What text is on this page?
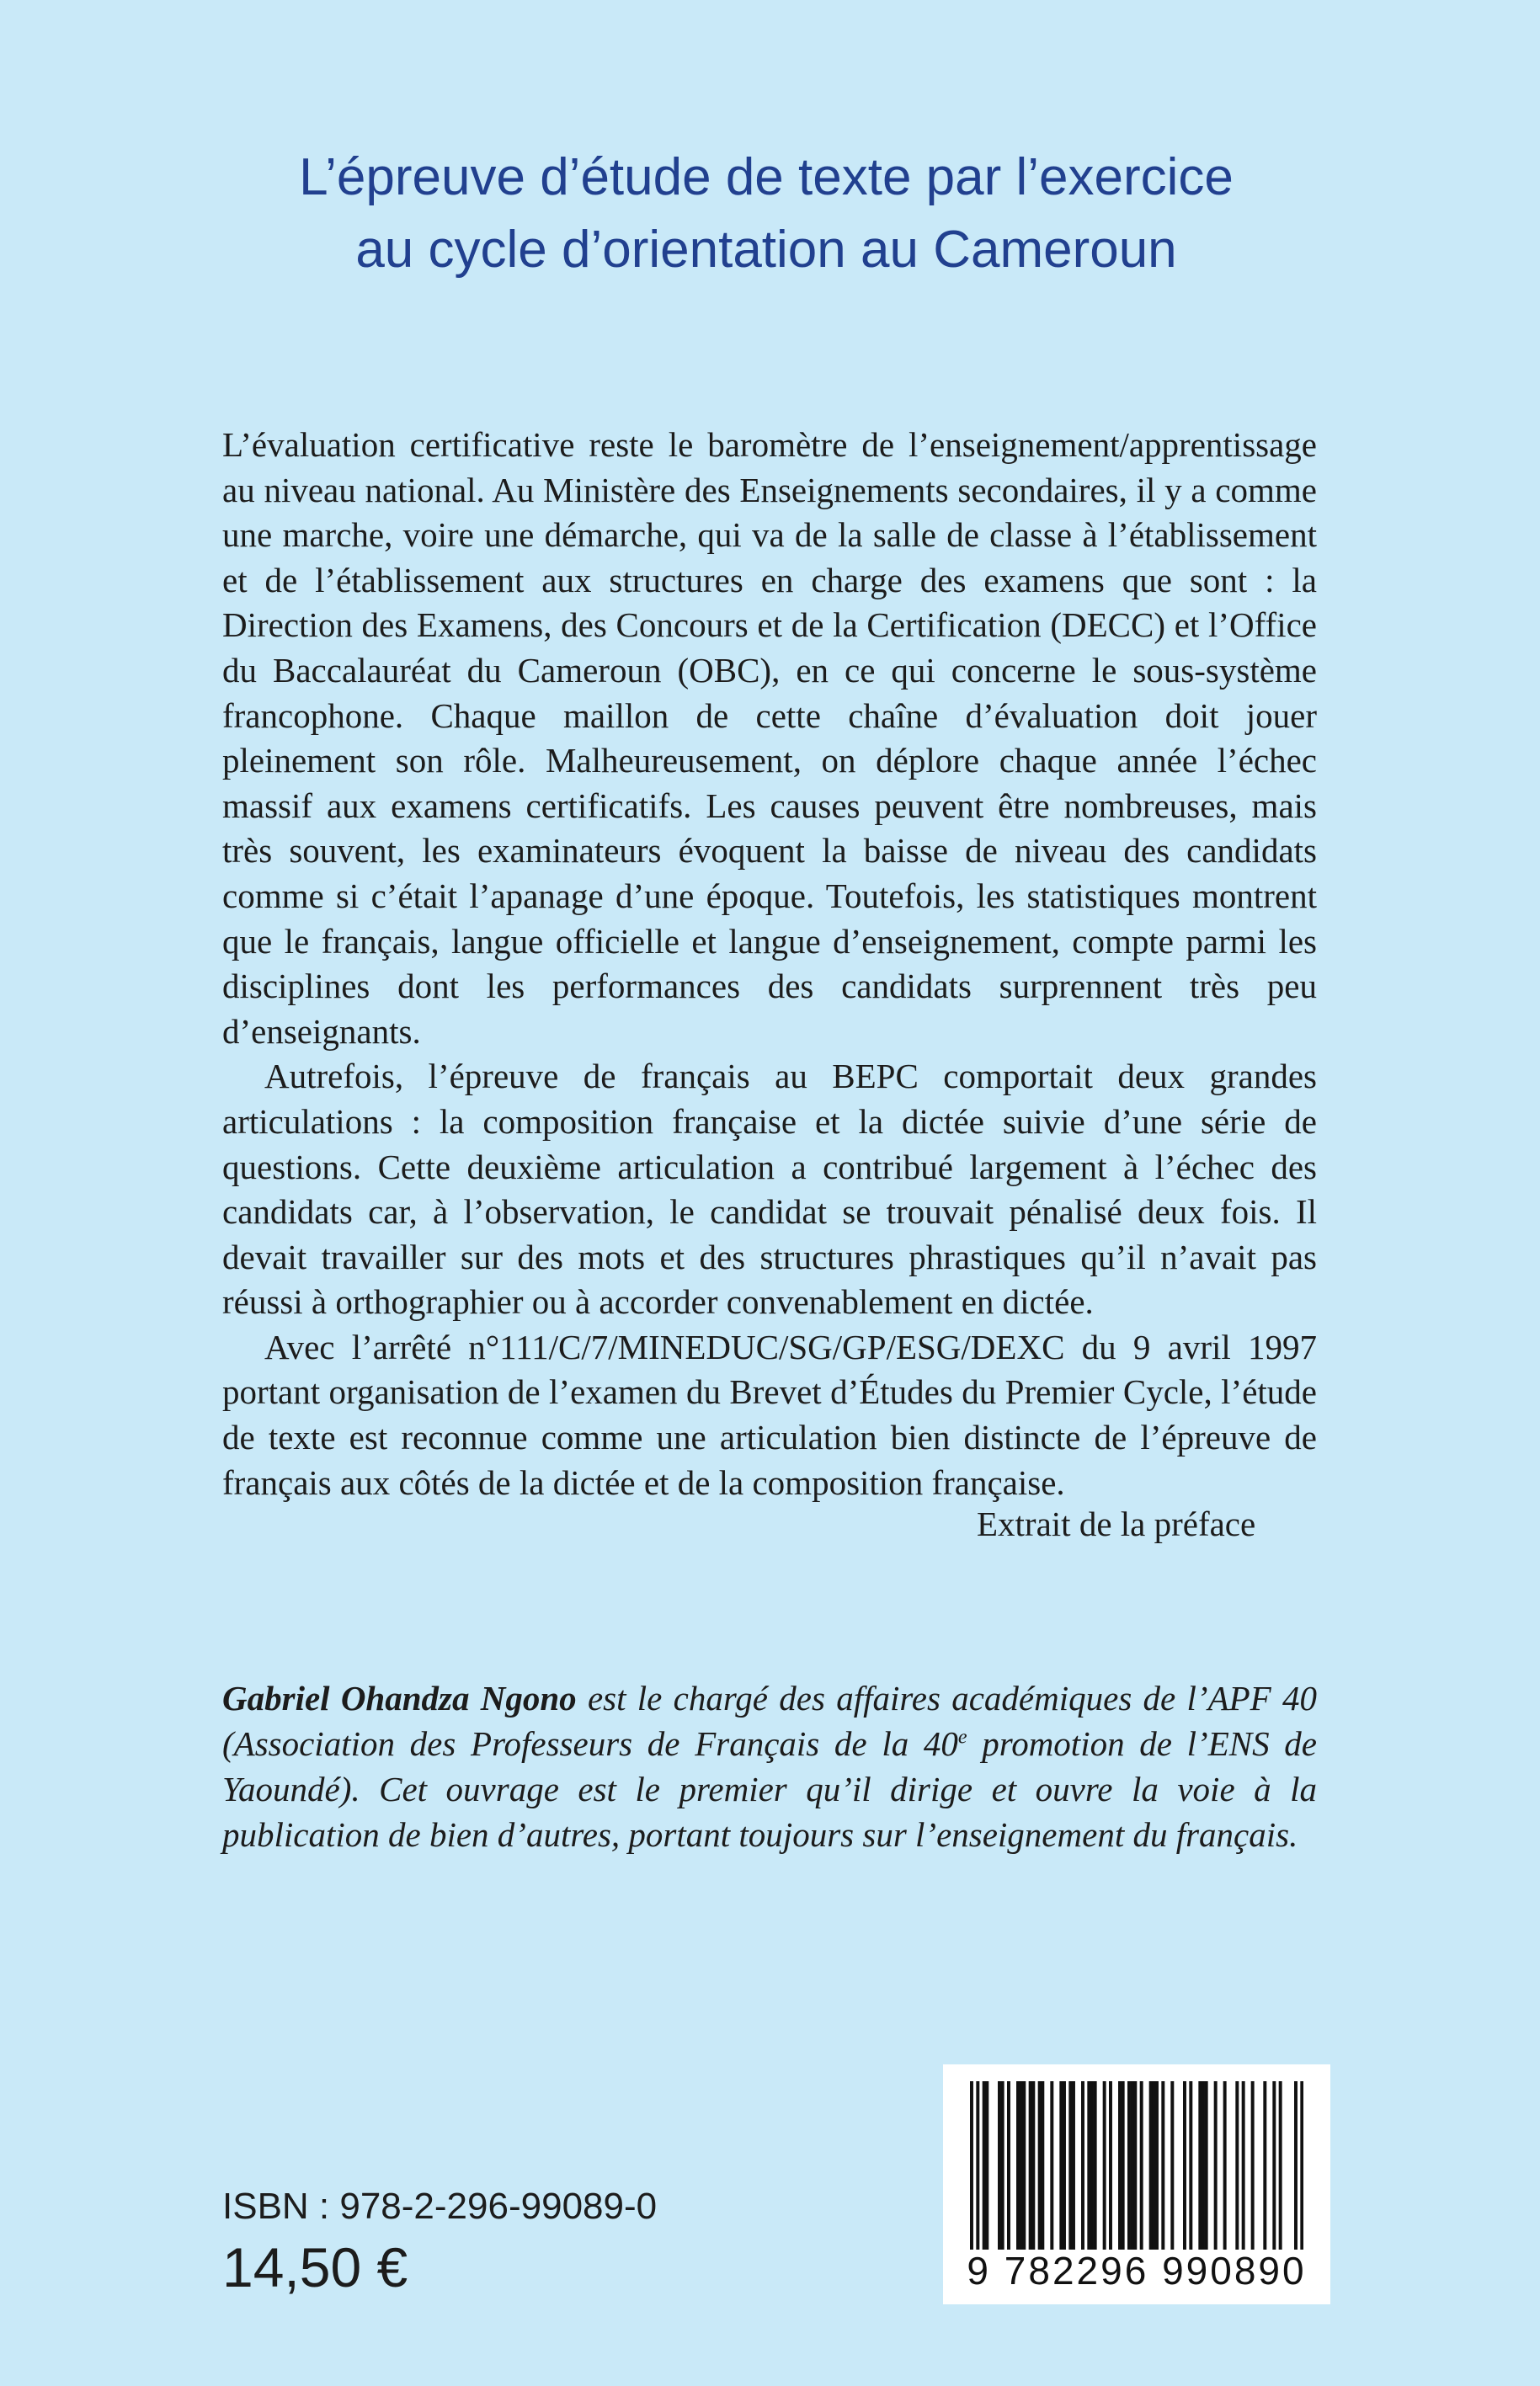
L’épreuve d’étude de texte par l’exercice
au cycle d’orientation au Cameroun

L’évaluation certificative reste le baromètre de l’enseignement/apprentissage au niveau national. Au Ministère des Enseignements secondaires, il y a comme une marche, voire une démarche, qui va de la salle de classe à l’établissement et de l’établissement aux structures en charge des examens que sont : la Direction des Examens, des Concours et de la Certification (DECC) et l’Office du Baccalauréat du Cameroun (OBC), en ce qui concerne le sous-système francophone. Chaque maillon de cette chaîne d’évaluation doit jouer pleinement son rôle. Malheureusement, on déplore chaque année l’échec massif aux examens certificatifs. Les causes peuvent être nombreuses, mais très souvent, les examinateurs évoquent la baisse de niveau des candidats comme si c’était l’apanage d’une époque. Toutefois, les statistiques montrent que le français, langue officielle et langue d’enseignement, compte parmi les disciplines dont les performances des candidats surprennent très peu d’enseignants.

Autrefois, l’épreuve de français au BEPC comportait deux grandes articulations : la composition française et la dictée suivie d’une série de questions. Cette deuxième articulation a contribué largement à l’échec des candidats car, à l’observation, le candidat se trouvait pénalisé deux fois. Il devait travailler sur des mots et des structures phrastiques qu’il n’avait pas réussi à orthographier ou à accorder convenablement en dictée.

Avec l’arrêté n°111/C/7/MINEDUC/SG/GP/ESG/DEXC du 9 avril 1997 portant organisation de l’examen du Brevet d’Études du Premier Cycle, l’étude de texte est reconnue comme une articulation bien distincte de l’épreuve de français aux côtés de la dictée et de la composition française.

Extrait de la préface

Gabriel Ohandza Ngono est le chargé des affaires académiques de l’APF 40 (Association des Professeurs de Français de la 40e promotion de l’ENS de Yaoundé). Cet ouvrage est le premier qu’il dirige et ouvre la voie à la publication de bien d’autres, portant toujours sur l’enseignement du français.

ISBN : 978-2-296-99089-0

14,50 €	9 782296 990890
